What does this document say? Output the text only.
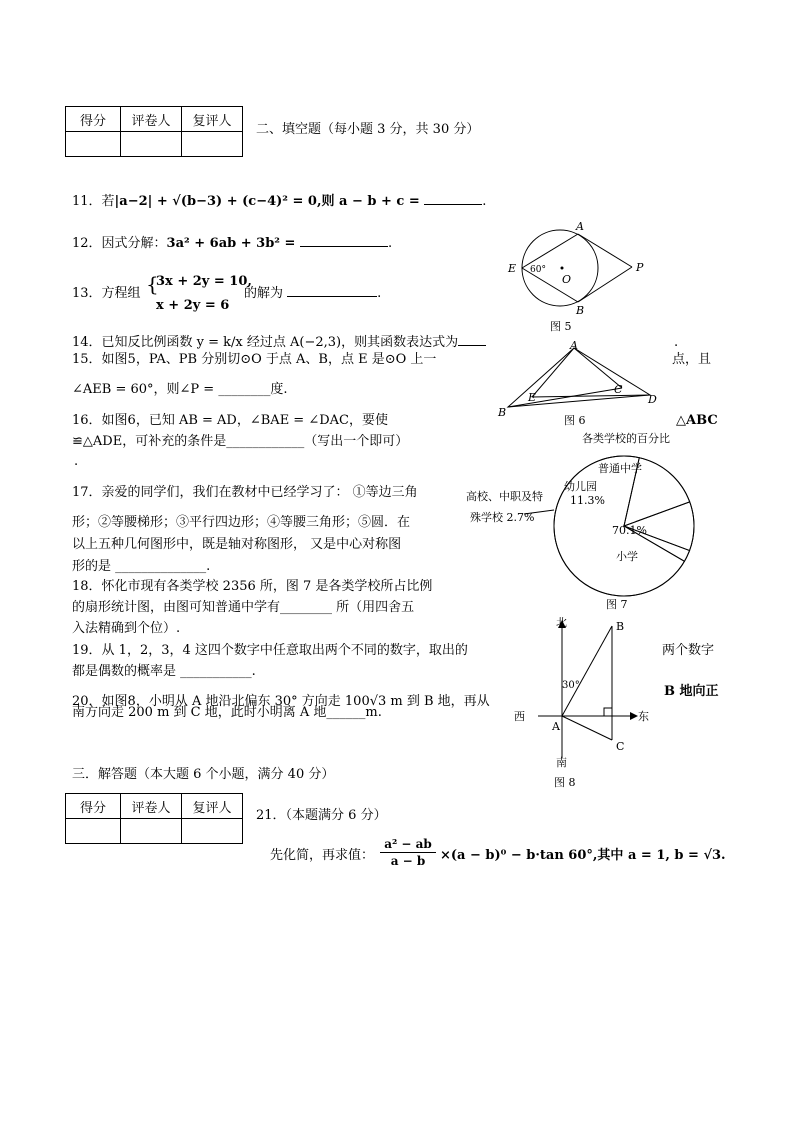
得分	评卷人	复评人

二、填空题（每小题 3 分，共 30 分）
11．若|a−2| + √(b−3) + (c−4)² = 0,则 a − b + c =	.
12．因式分解：3a² + 6ab + 3b² =	.
13．方程组 {
3x + 2y = 10,
x + 2y = 6
的解为	.
14．已知反比例函数 y = k/x 经过点 A(−2,3)，则其函数表达式为	.
15．如图5，PA、PB 分别切⊙O 于点 A、B，点 E 是⊙O 上一	点，且
∠AEB = 60°，则∠P = ________度.
16．如图6，已知 AB = AD，∠BAE = ∠DAC，要使	△ABC
≌△ADE，可补充的条件是____________（写出一个即可）
.
17．亲爱的同学们，我们在教材中已经学习了： ①等边三角
形；②等腰梯形；③平行四边形；④等腰三角形；⑤圆．在
以上五种几何图形中，既是轴对称图形， 又是中心对称图
形的是 ______________.
18．怀化市现有各类学校 2356 所，图 7 是各类学校所占比例
的扇形统计图，由图可知普通中学有________ 所（用四舍五
入法精确到个位）.
19．从 1，2，3，4 这四个数字中任意取出两个不同的数字，取出的	两个数字
都是偶数的概率是 ___________.
20．如图8，小明从 A 地沿北偏东 30° 方向走 100√3 m 到 B 地，再从
B 地向正
南方向走 200 m 到 C 地，此时小明离 A 地______m.
三．解答题（本大题 6 个小题，满分 40 分）
得分	评卷人	复评人
		21．（本题满分 6 分）
先化简，再求值：
a² − ab
a − b	×(a − b)⁰ − b·tan 60°,其中 a = 1, b = √3.
A
B
E	P
O
60°
图 5
A
B
C
D
E
图 6
各类学校的百分比
普通中学
幼儿园
11.3%
高校、中职及特
殊学校 2.7%
70.1%
小学
图 7
北
南
西	东
A
B
C
30°
图 8
